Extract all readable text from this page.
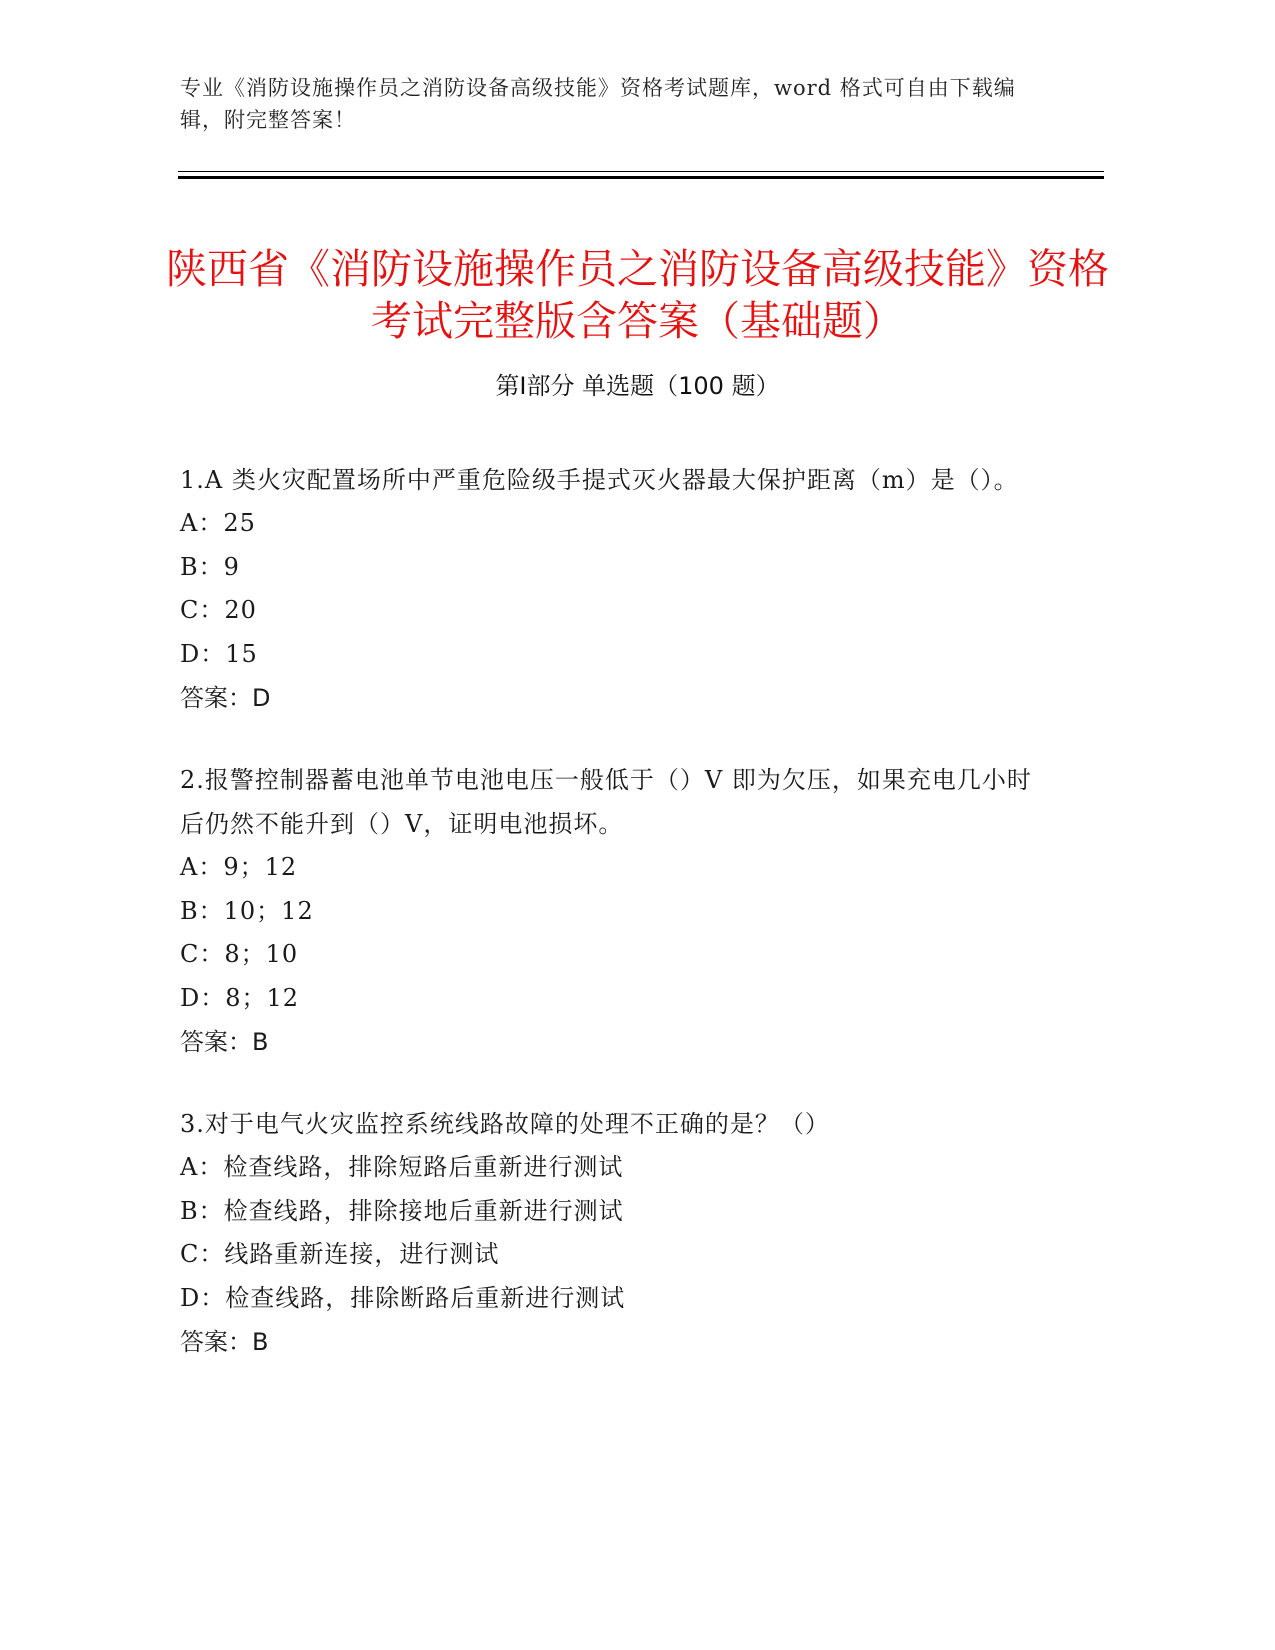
专业《消防设施操作员之消防设备高级技能》资格考试题库，word 格式可自由下载编辑，附完整答案！
陕西省《消防设施操作员之消防设备高级技能》资格考试完整版含答案（基础题）
第Ⅰ部分 单选题（100 题）
1.A 类火灾配置场所中严重危险级手提式灭火器最大保护距离（m）是（）。
A：25
B：9
C：20
D：15
答案：D
2.报警控制器蓄电池单节电池电压一般低于（）V 即为欠压，如果充电几小时后仍然不能升到（）V，证明电池损坏。
A：9；12
B：10；12
C：8；10
D：8；12
答案：B
3.对于电气火灾监控系统线路故障的处理不正确的是？（）
A：检查线路，排除短路后重新进行测试
B：检查线路，排除接地后重新进行测试
C：线路重新连接，进行测试
D：检查线路，排除断路后重新进行测试
答案：B
